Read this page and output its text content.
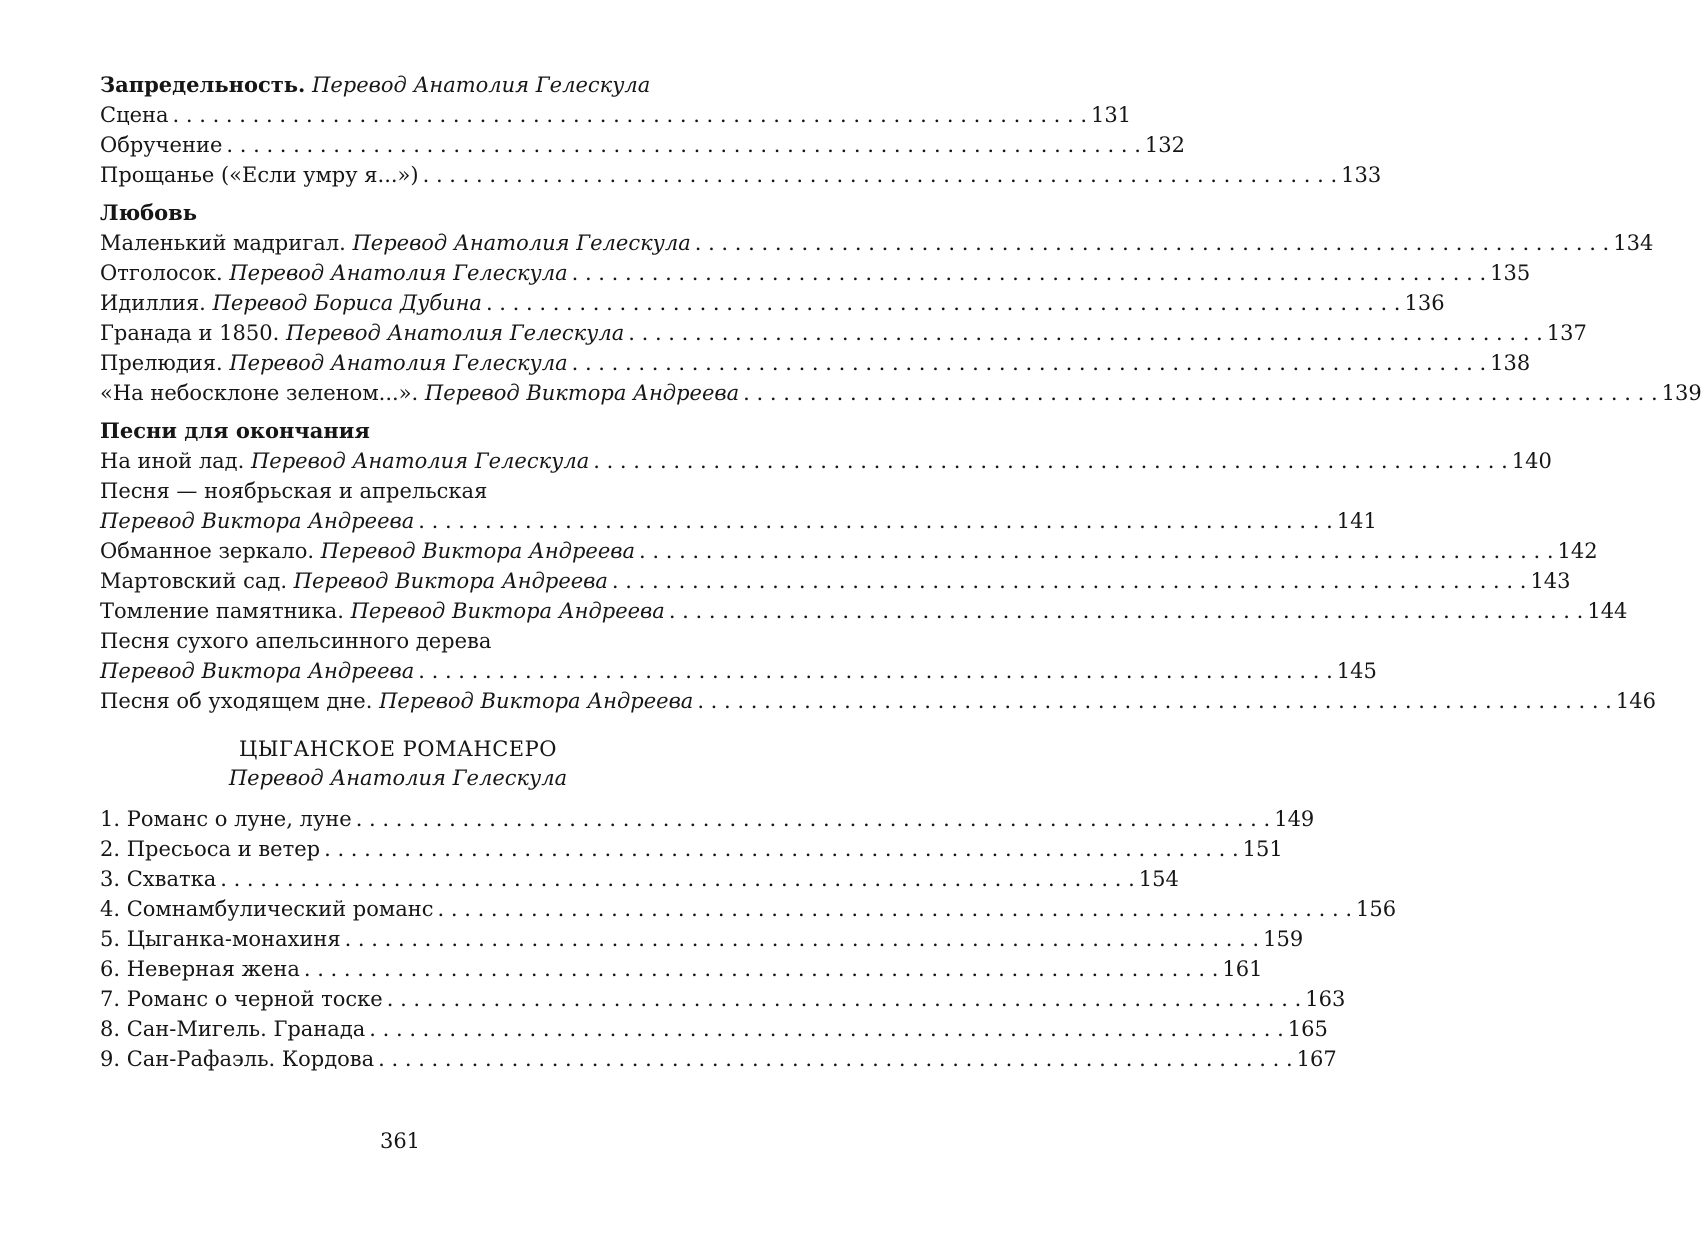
Запредельность. Перевод Анатолия Гелескула

Сцена . . .	131
Обручение . . .	132
Прощанье («Если умру я...») . . .	133

Любовь

Маленький мадригал. Перевод Анатолия Гелескула . . .	134
Отголосок. Перевод Анатолия Гелескула . . .	135
Идиллия. Перевод Бориса Дубина . . .	136
Гранада и 1850. Перевод Анатолия Гелескула . . .	137
Прелюдия. Перевод Анатолия Гелескула . . .	138
«На небосклоне зеленом...». Перевод Виктора Андреева . . .	139

Песни для окончания

На иной лад. Перевод Анатолия Гелескула . . .	140
Песня — ноябрьская и апрельская
Перевод Виктора Андреева . . .	141
Обманное зеркало. Перевод Виктора Андреева . . .	142
Мартовский сад. Перевод Виктора Андреева . . .	143
Томление памятника. Перевод Виктора Андреева . . .	144
Песня сухого апельсинного дерева
Перевод Виктора Андреева . . .	145
Песня об уходящем дне. Перевод Виктора Андреева . . .	146
ЦЫГАНСКОЕ РОМАНСЕРО
Перевод Анатолия Гелескула
1. Романс о луне, луне . . .	149
2. Пресьоса и ветер . . .	151
3. Схватка . . .	154
4. Сомнамбулический романс . . .	156
5. Цыганка-монахиня . . .	159
6. Неверная жена . . .	161
7. Романс о черной тоске . . .	163
8. Сан-Мигель. Гранада . . .	165
9. Сан-Рафаэль. Кордова . . .	167
361
